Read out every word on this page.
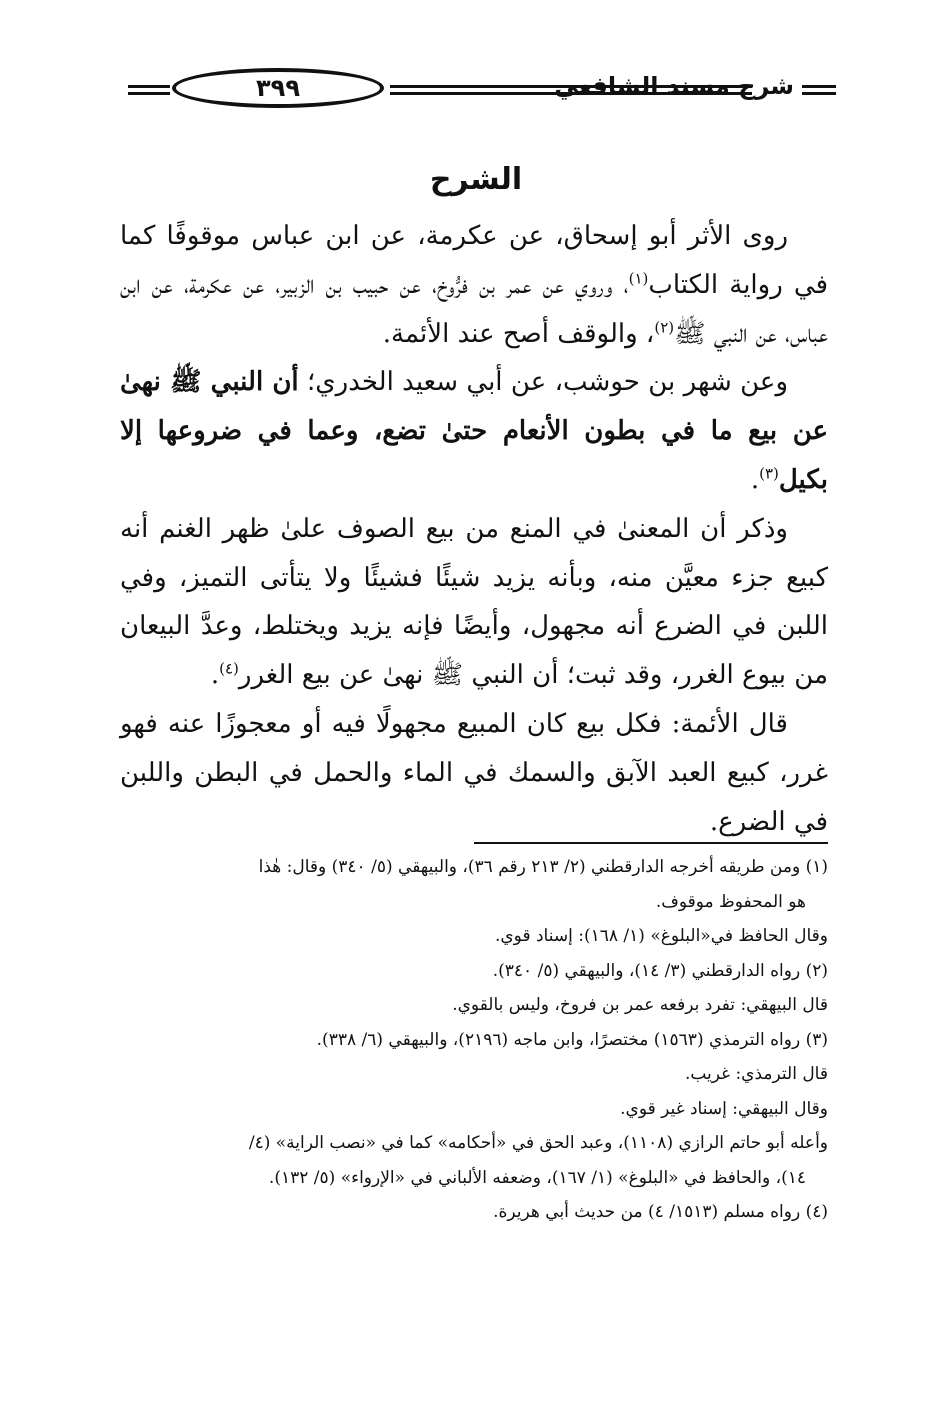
شرح مسند الشافعي
٣٩٩
الشرح

روى الأثر أبو إسحاق، عن عكرمة، عن ابن عباس موقوفًا كما في رواية الكتاب$^{(١)}$، وروي عن عمر بن فرُّوخ، عن حبيب بن الزبير، عن عكرمة، عن ابن عباس، عن النبي ﷺ$^{(٢)}$، والوقف أصح عند الأئمة.

وعن شهر بن حوشب، عن أبي سعيد الخدري؛ أن النبي ﷺ نهىٰ عن بيع ما في بطون الأنعام حتىٰ تضع، وعما في ضروعها إلا بكيل$^{(٣)}$.

وذكر أن المعنىٰ في المنع من بيع الصوف علىٰ ظهر الغنم أنه كبيع جزء معيَّن منه، وبأنه يزيد شيئًا فشيئًا ولا يتأتى التميز، وفي اللبن في الضرع أنه مجهول، وأيضًا فإنه يزيد ويختلط، وعدَّ البيعان من بيوع الغرر، وقد ثبت؛ أن النبي ﷺ نهىٰ عن بيع الغرر$^{(٤)}$.

قال الأئمة: فكل بيع كان المبيع مجهولًا فيه أو معجوزًا عنه فهو غرر، كبيع العبد الآبق والسمك في الماء والحمل في البطن واللبن في الضرع.

(١) ومن طريقه أخرجه الدارقطني (٢/ ٢١٣ رقم ٣٦)، والبيهقي (٥/ ٣٤٠) وقال: هٰذا
هو المحفوظ موقوف.
وقال الحافظ في«البلوغ» (١/ ١٦٨): إسناد قوي.
(٢) رواه الدارقطني (٣/ ١٤)، والبيهقي (٥/ ٣٤٠).
قال البيهقي: تفرد برفعه عمر بن فروخ، وليس بالقوي.
(٣) رواه الترمذي (١٥٦٣) مختصرًا، وابن ماجه (٢١٩٦)، والبيهقي (٦/ ٣٣٨).
قال الترمذي: غريب.
وقال البيهقي: إسناد غير قوي.
وأعله أبو حاتم الرازي (١١٠٨)، وعبد الحق في «أحكامه» كما في «نصب الراية» (٤/
١٤)، والحافظ في «البلوغ» (١/ ١٦٧)، وضعفه الألباني في «الإرواء» (٥/ ١٣٢).
(٤) رواه مسلم (١٥١٣/ ٤) من حديث أبي هريرة.
